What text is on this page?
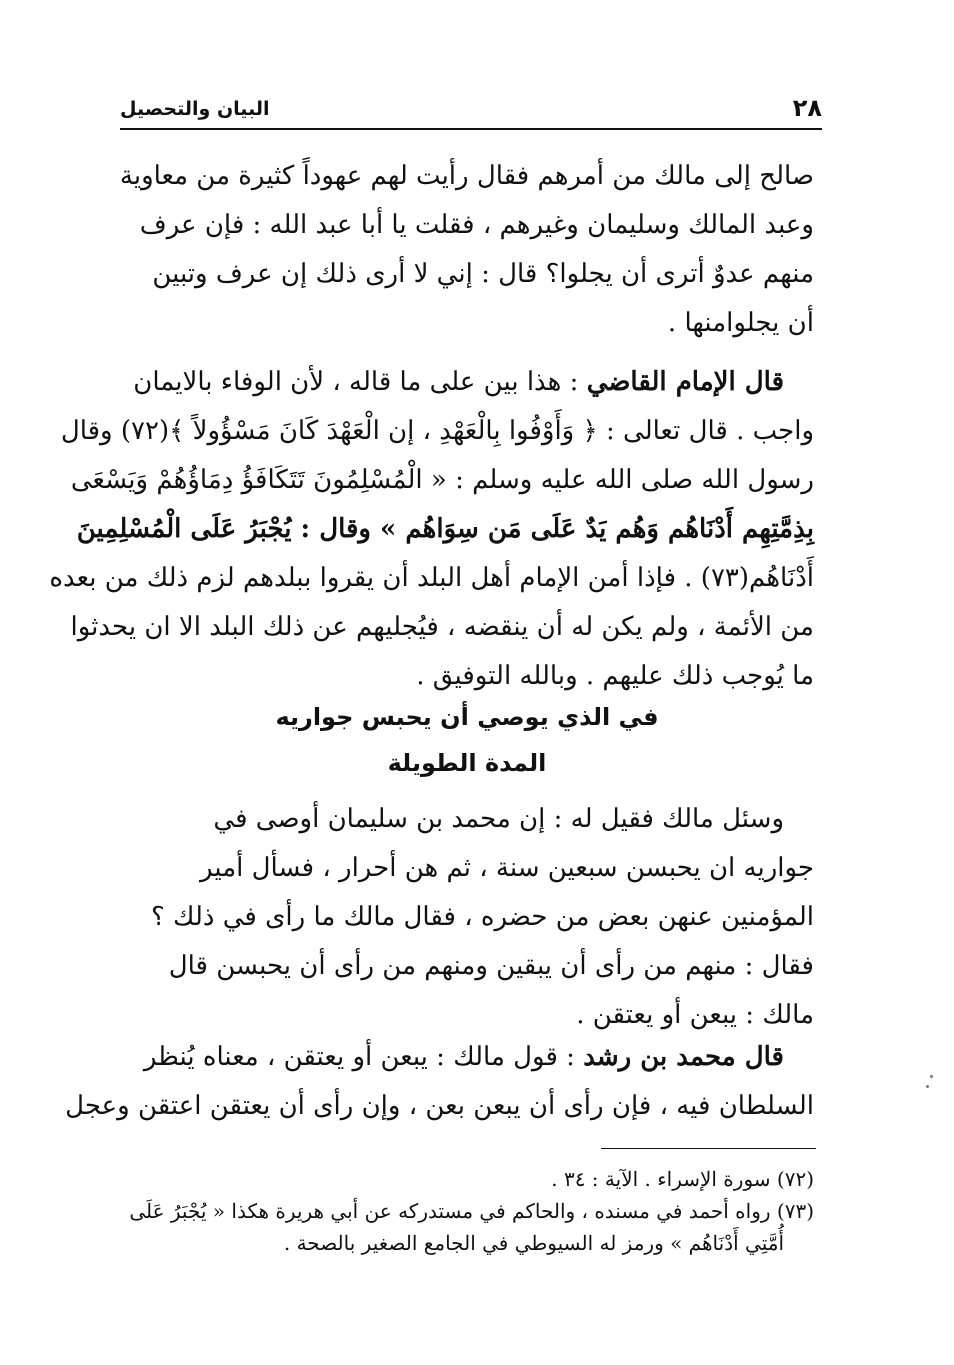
٢٨
البيان والتحصيل
صالح إلى مالك من أمرهم فقال رأيت لهم عهوداً كثيرة من معاوية
وعبد المالك وسليمان وغيرهم ، فقلت يا أبا عبد الله : فإن عرف
منهم عدوٌ أترى أن يجلوا؟ قال : إني لا أرى ذلك إن عرف وتبين
أن يجلوامنها .
قال الإمام القاضي : هذا بين على ما قاله ، لأن الوفاء بالايمان
واجب . قال تعالى : ﴿ وَأَوْفُوا بِالْعَهْدِ ، إن الْعَهْدَ كَانَ مَسْؤُولاً ﴾(٧٢) وقال
رسول الله صلى الله عليه وسلم : « الْمُسْلِمُونَ تَتَكَافَؤُ دِمَاؤُهُمْ وَيَسْعَى
بِذِمَّتِهِم أَدْنَاهُم وَهُم يَدٌ عَلَى مَن سِوَاهُم » وقال : يُجْبَرُ عَلَى الْمُسْلِمِينَ
أَدْنَاهُم(٧٣) . فإذا أمن الإمام أهل البلد أن يقروا ببلدهم لزم ذلك من بعده
من الأئمة ، ولم يكن له أن ينقضه ، فيُجليهم عن ذلك البلد الا ان يحدثوا
ما يُوجب ذلك عليهم . وبالله التوفيق .
في الذي يوصي أن يحبس جواريه
المدة الطويلة
وسئل مالك فقيل له : إن محمد بن سليمان أوصى في
جواريه ان يحبسن سبعين سنة ، ثم هن أحرار ، فسأل أمير
المؤمنين عنهن بعض من حضره ، فقال مالك ما رأى في ذلك ؟
فقال : منهم من رأى أن يبقين ومنهم من رأى أن يحبسن قال
مالك : يبعن أو يعتقن .
قال محمد بن رشد : قول مالك : يبعن أو يعتقن ، معناه يُنظر
السلطان فيه ، فإن رأى أن يبعن بعن ، وإن رأى أن يعتقن اعتقن وعجل
(٧٢) سورة الإسراء . الآية : ٣٤ .
(٧٣) رواه أحمد في مسنده ، والحاكم في مستدركه عن أبي هريرة هكذا « يُجْبَرُ عَلَى
أُمَّتِي أَدْنَاهُم » ورمز له السيوطي في الجامع الصغير بالصحة .
